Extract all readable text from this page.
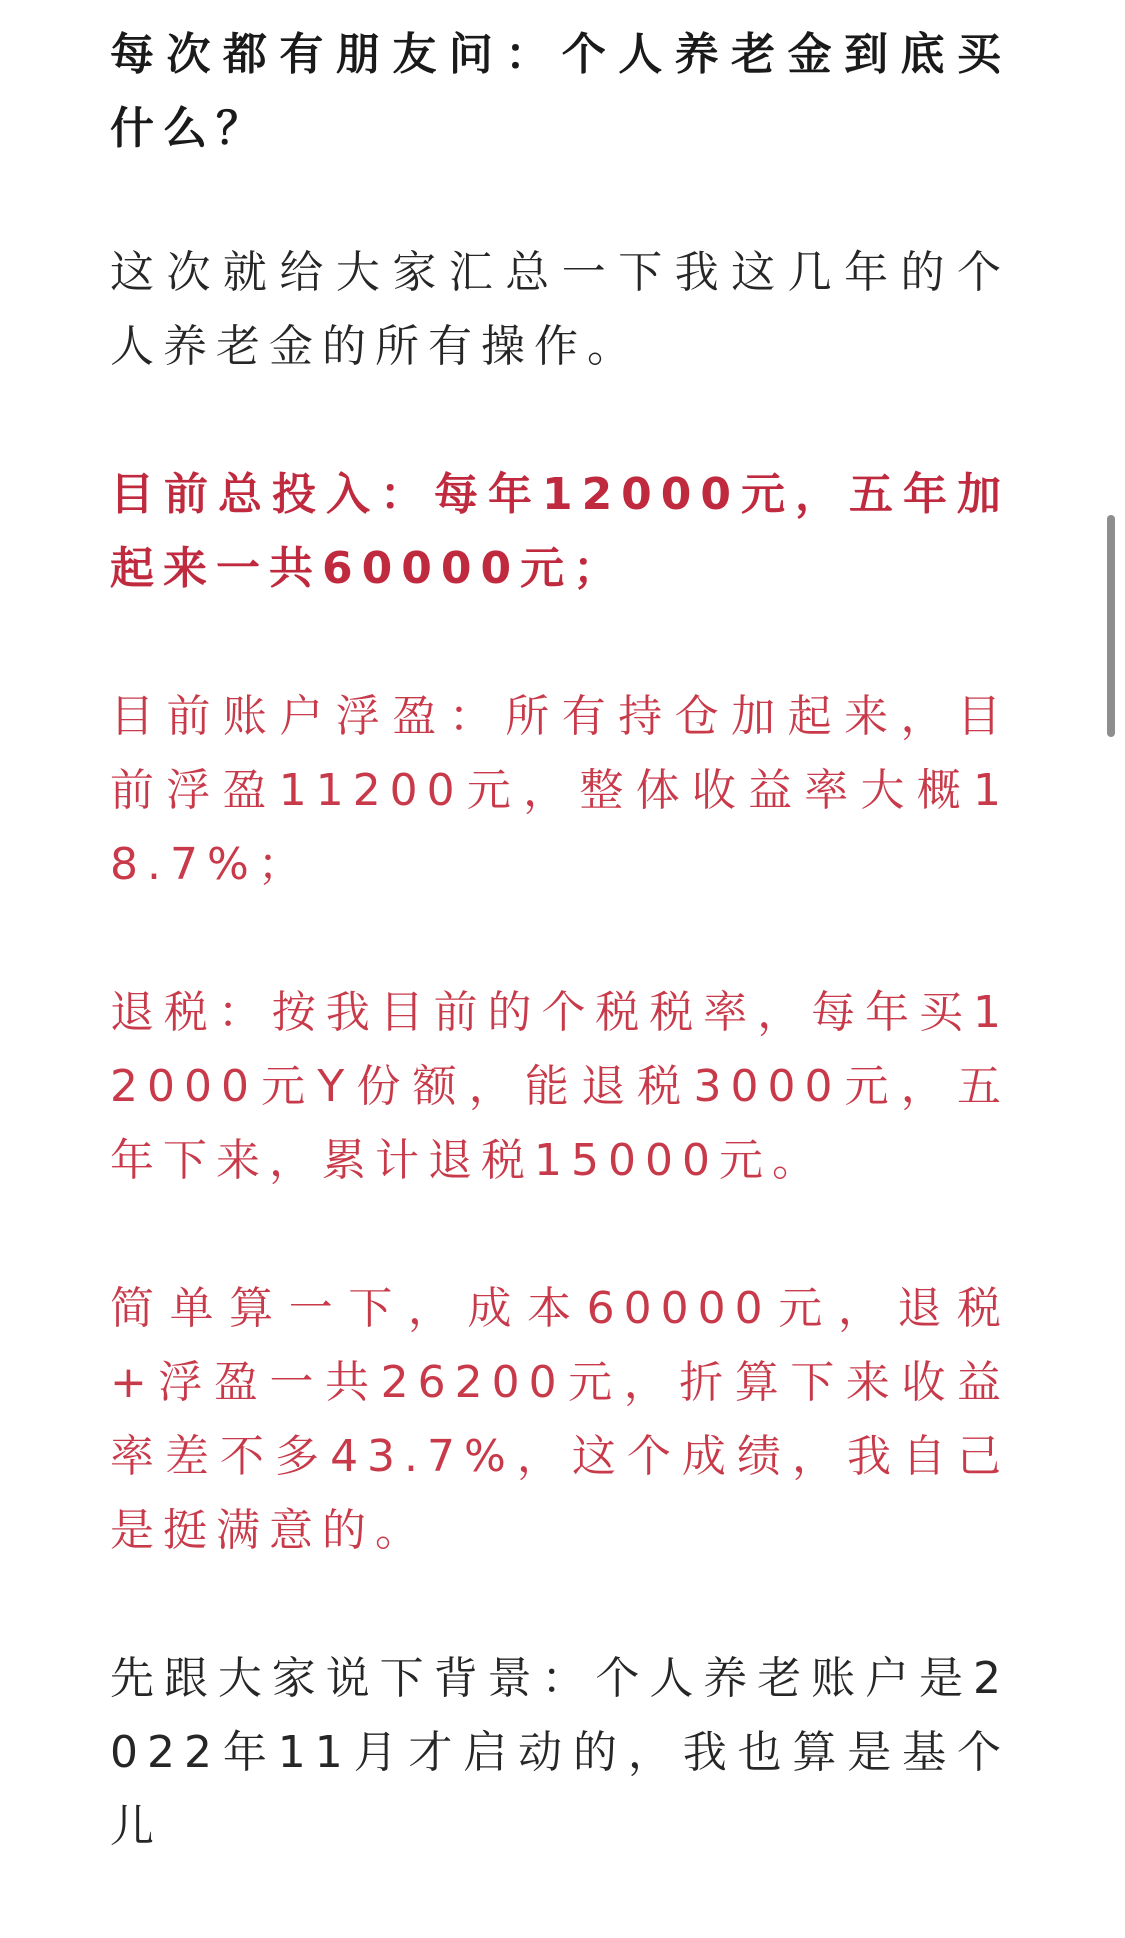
每次都有朋友问：个人养老金到底买什么？

这次就给大家汇总一下我这几年的个人养老金的所有操作。

目前总投入：每年12000元，五年加起来一共60000元；

目前账户浮盈：所有持仓加起来，目前浮盈11200元，整体收益率大概18.7%；

退税：按我目前的个税税率，每年买12000元Y份额，能退税3000元，五年下来，累计退税15000元。

简单算一下，成本60000元，退税+浮盈一共26200元，折算下来收益率差不多43.7%，这个成绩，我自己是挺满意的。

先跟大家说下背景：个人养老账户是2022年11月才启动的，我也算是基个儿
